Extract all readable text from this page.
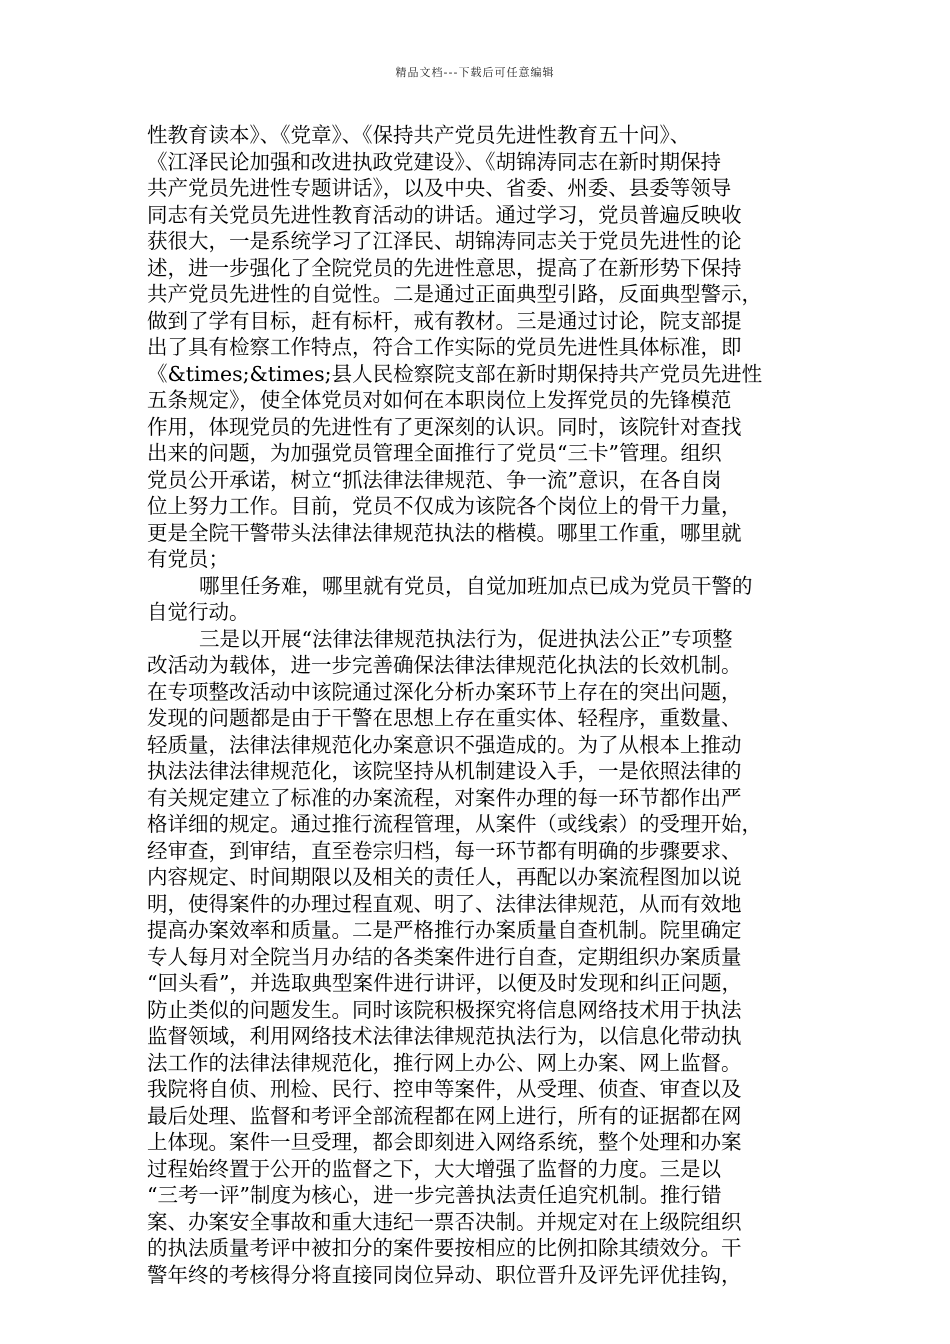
精品文档---下载后可任意编辑
性教育读本》、《党章》、《保持共产党员先进性教育五十问》、
《江泽民论加强和改进执政党建设》、《胡锦涛同志在新时期保持
共产党员先进性专题讲话》，以及中央、省委、州委、县委等领导
同志有关党员先进性教育活动的讲话。通过学习，党员普遍反映收
获很大，一是系统学习了江泽民、胡锦涛同志关于党员先进性的论
述，进一步强化了全院党员的先进性意思，提高了在新形势下保持
共产党员先进性的自觉性。二是通过正面典型引路，反面典型警示，
做到了学有目标，赶有标杆，戒有教材。三是通过讨论，院支部提
出了具有检察工作特点，符合工作实际的党员先进性具体标准，即
《&times;&times;县人民检察院支部在新时期保持共产党员先进性
五条规定》，使全体党员对如何在本职岗位上发挥党员的先锋模范
作用，体现党员的先进性有了更深刻的认识。同时，该院针对查找
出来的问题，为加强党员管理全面推行了党员“三卡”管理。组织
党员公开承诺，树立“抓法律法律规范、争一流”意识，在各自岗
位上努力工作。目前，党员不仅成为该院各个岗位上的骨干力量，
更是全院干警带头法律法律规范执法的楷模。哪里工作重，哪里就
有党员；
哪里任务难，哪里就有党员，自觉加班加点已成为党员干警的
自觉行动。
三是以开展“法律法律规范执法行为，促进执法公正”专项整
改活动为载体，进一步完善确保法律法律规范化执法的长效机制。
在专项整改活动中该院通过深化分析办案环节上存在的突出问题，
发现的问题都是由于干警在思想上存在重实体、轻程序，重数量、
轻质量，法律法律规范化办案意识不强造成的。为了从根本上推动
执法法律法律规范化，该院坚持从机制建设入手，一是依照法律的
有关规定建立了标准的办案流程，对案件办理的每一环节都作出严
格详细的规定。通过推行流程管理，从案件（或线索）的受理开始，
经审查，到审结，直至卷宗归档，每一环节都有明确的步骤要求、
内容规定、时间期限以及相关的责任人，再配以办案流程图加以说
明，使得案件的办理过程直观、明了、法律法律规范，从而有效地
提高办案效率和质量。二是严格推行办案质量自查机制。院里确定
专人每月对全院当月办结的各类案件进行自查，定期组织办案质量
“回头看”，并选取典型案件进行讲评，以便及时发现和纠正问题，
防止类似的问题发生。同时该院积极探究将信息网络技术用于执法
监督领域，利用网络技术法律法律规范执法行为，以信息化带动执
法工作的法律法律规范化，推行网上办公、网上办案、网上监督。
我院将自侦、刑检、民行、控申等案件，从受理、侦查、审查以及
最后处理、监督和考评全部流程都在网上进行，所有的证据都在网
上体现。案件一旦受理，都会即刻进入网络系统，整个处理和办案
过程始终置于公开的监督之下，大大增强了监督的力度。三是以
“三考一评”制度为核心，进一步完善执法责任追究机制。推行错
案、办案安全事故和重大违纪一票否决制。并规定对在上级院组织
的执法质量考评中被扣分的案件要按相应的比例扣除其绩效分。干
警年终的考核得分将直接同岗位异动、职位晋升及评先评优挂钩，
